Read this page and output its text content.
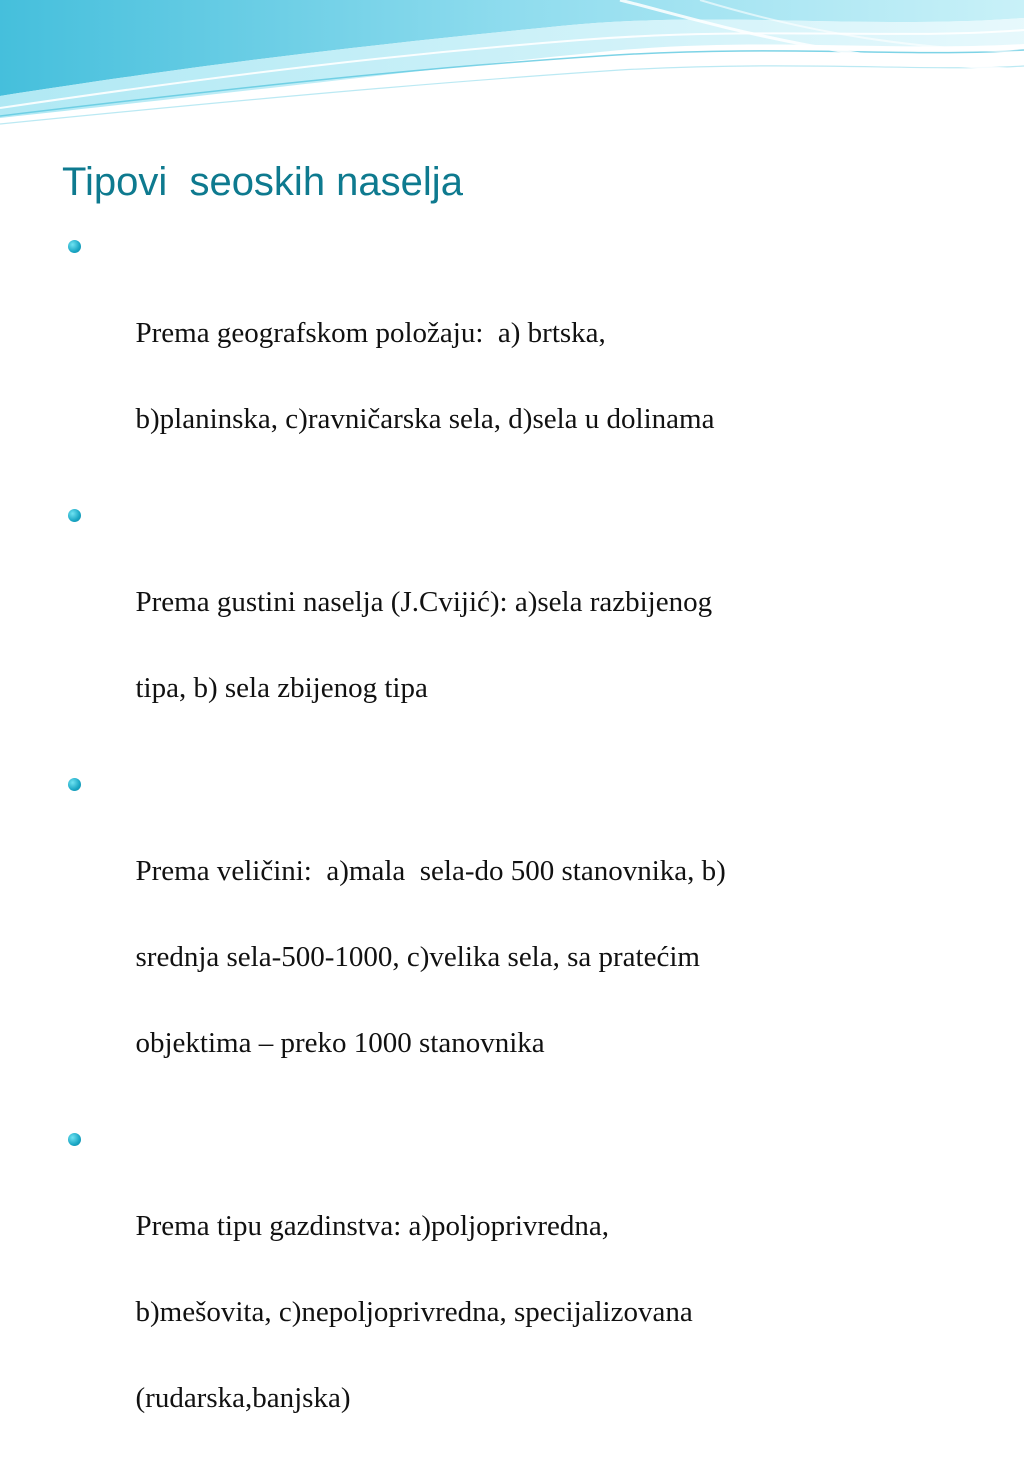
Tipovi  seoskih naselja

Prema geografskom položaju:  a) brtska,

b)planinska, c)ravničarska sela, d)sela u dolinama

Prema gustini naselja (J.Cvijić): a)sela razbijenog

tipa, b) sela zbijenog tipa

Prema veličini:  a)mala  sela-do 500 stanovnika, b)

srednja sela-500-1000, c)velika sela, sa pratećim

objektima – preko 1000 stanovnika

Prema tipu gazdinstva: a)poljoprivredna,

b)mešovita, c)nepoljoprivredna, specijalizovana

(rudarska,banjska)
